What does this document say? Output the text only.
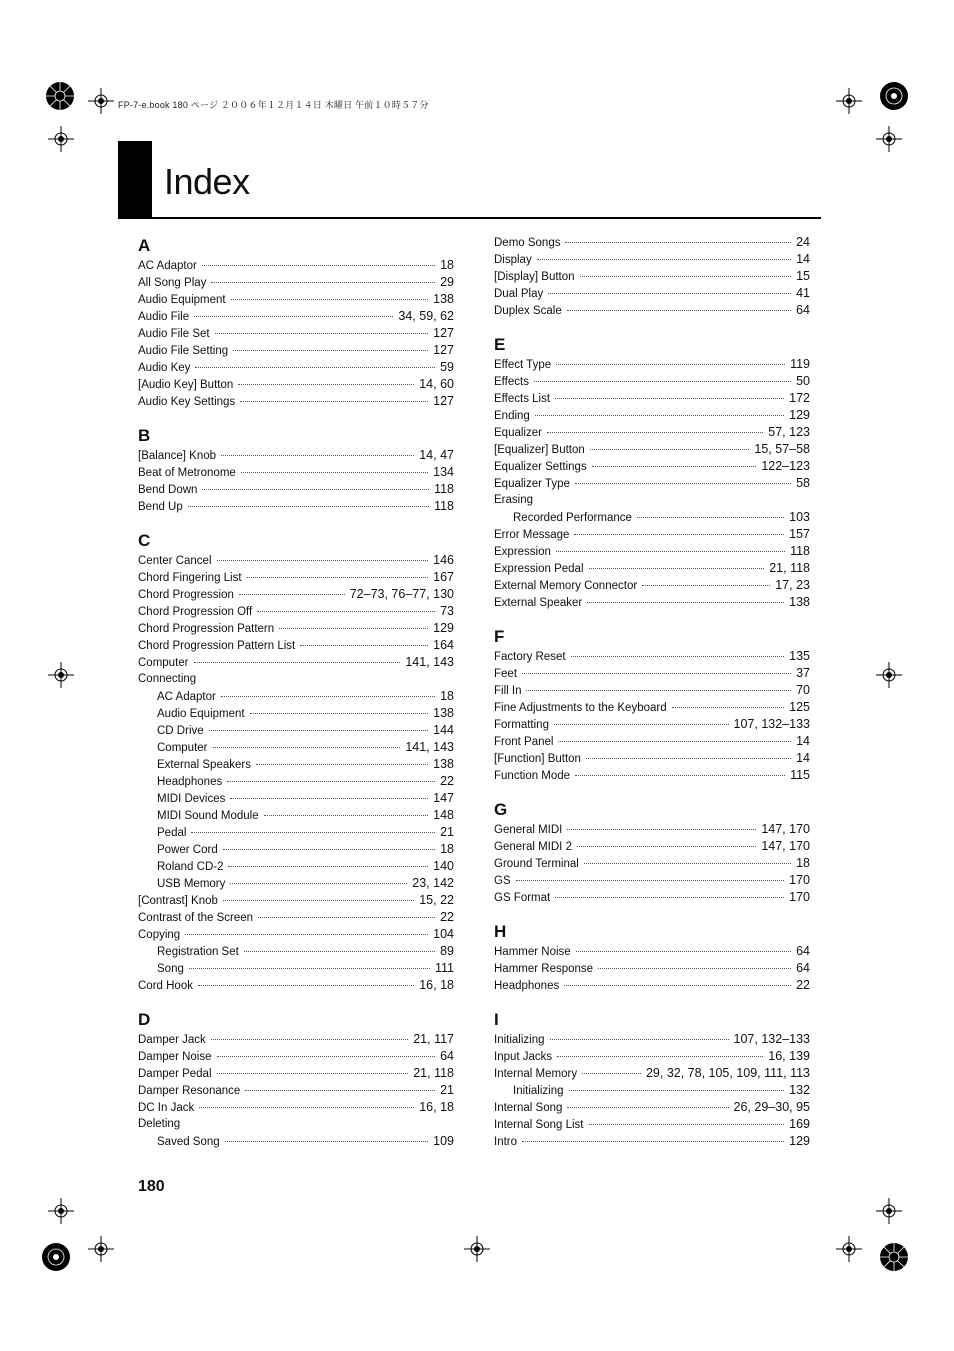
FP-7-e.book 180 ページ ２００６年１２月１４日 木曜日 午前１０時５７分
Index
A
AC Adaptor	18
All Song Play	29
Audio Equipment	138
Audio File	34, 59, 62
Audio File Set	127
Audio File Setting	127
Audio Key	59
[Audio Key] Button	14, 60
Audio Key Settings	127
B
[Balance] Knob	14, 47
Beat of Metronome	134
Bend Down	118
Bend Up	118
C
Center Cancel	146
Chord Fingering List	167
Chord Progression	72–73, 76–77, 130
Chord Progression Off	73
Chord Progression Pattern	129
Chord Progression Pattern List	164
Computer	141, 143
Connecting
AC Adaptor	18
Audio Equipment	138
CD Drive	144
Computer	141, 143
External Speakers	138
Headphones	22
MIDI Devices	147
MIDI Sound Module	148
Pedal	21
Power Cord	18
Roland CD-2	140
USB Memory	23, 142
[Contrast] Knob	15, 22
Contrast of the Screen	22
Copying	104
Registration Set	89
Song	111
Cord Hook	16, 18
D
Damper Jack	21, 117
Damper Noise	64
Damper Pedal	21, 118
Damper Resonance	21
DC In Jack	16, 18
Deleting
Saved Song	109
Demo Songs	24
Display	14
[Display] Button	15
Dual Play	41
Duplex Scale	64
E
Effect Type	119
Effects	50
Effects List	172
Ending	129
Equalizer	57, 123
[Equalizer] Button	15, 57–58
Equalizer Settings	122–123
Equalizer Type	58
Erasing
Recorded Performance	103
Error Message	157
Expression	118
Expression Pedal	21, 118
External Memory Connector	17, 23
External Speaker	138
F
Factory Reset	135
Feet	37
Fill In	70
Fine Adjustments to the Keyboard	125
Formatting	107, 132–133
Front Panel	14
[Function] Button	14
Function Mode	115
G
General MIDI	147, 170
General MIDI 2	147, 170
Ground Terminal	18
GS	170
GS Format	170
H
Hammer Noise	64
Hammer Response	64
Headphones	22
I
Initializing	107, 132–133
Input Jacks	16, 139
Internal Memory	29, 32, 78, 105, 109, 111, 113
Initializing	132
Internal Song	26, 29–30, 95
Internal Song List	169
Intro	129
180
